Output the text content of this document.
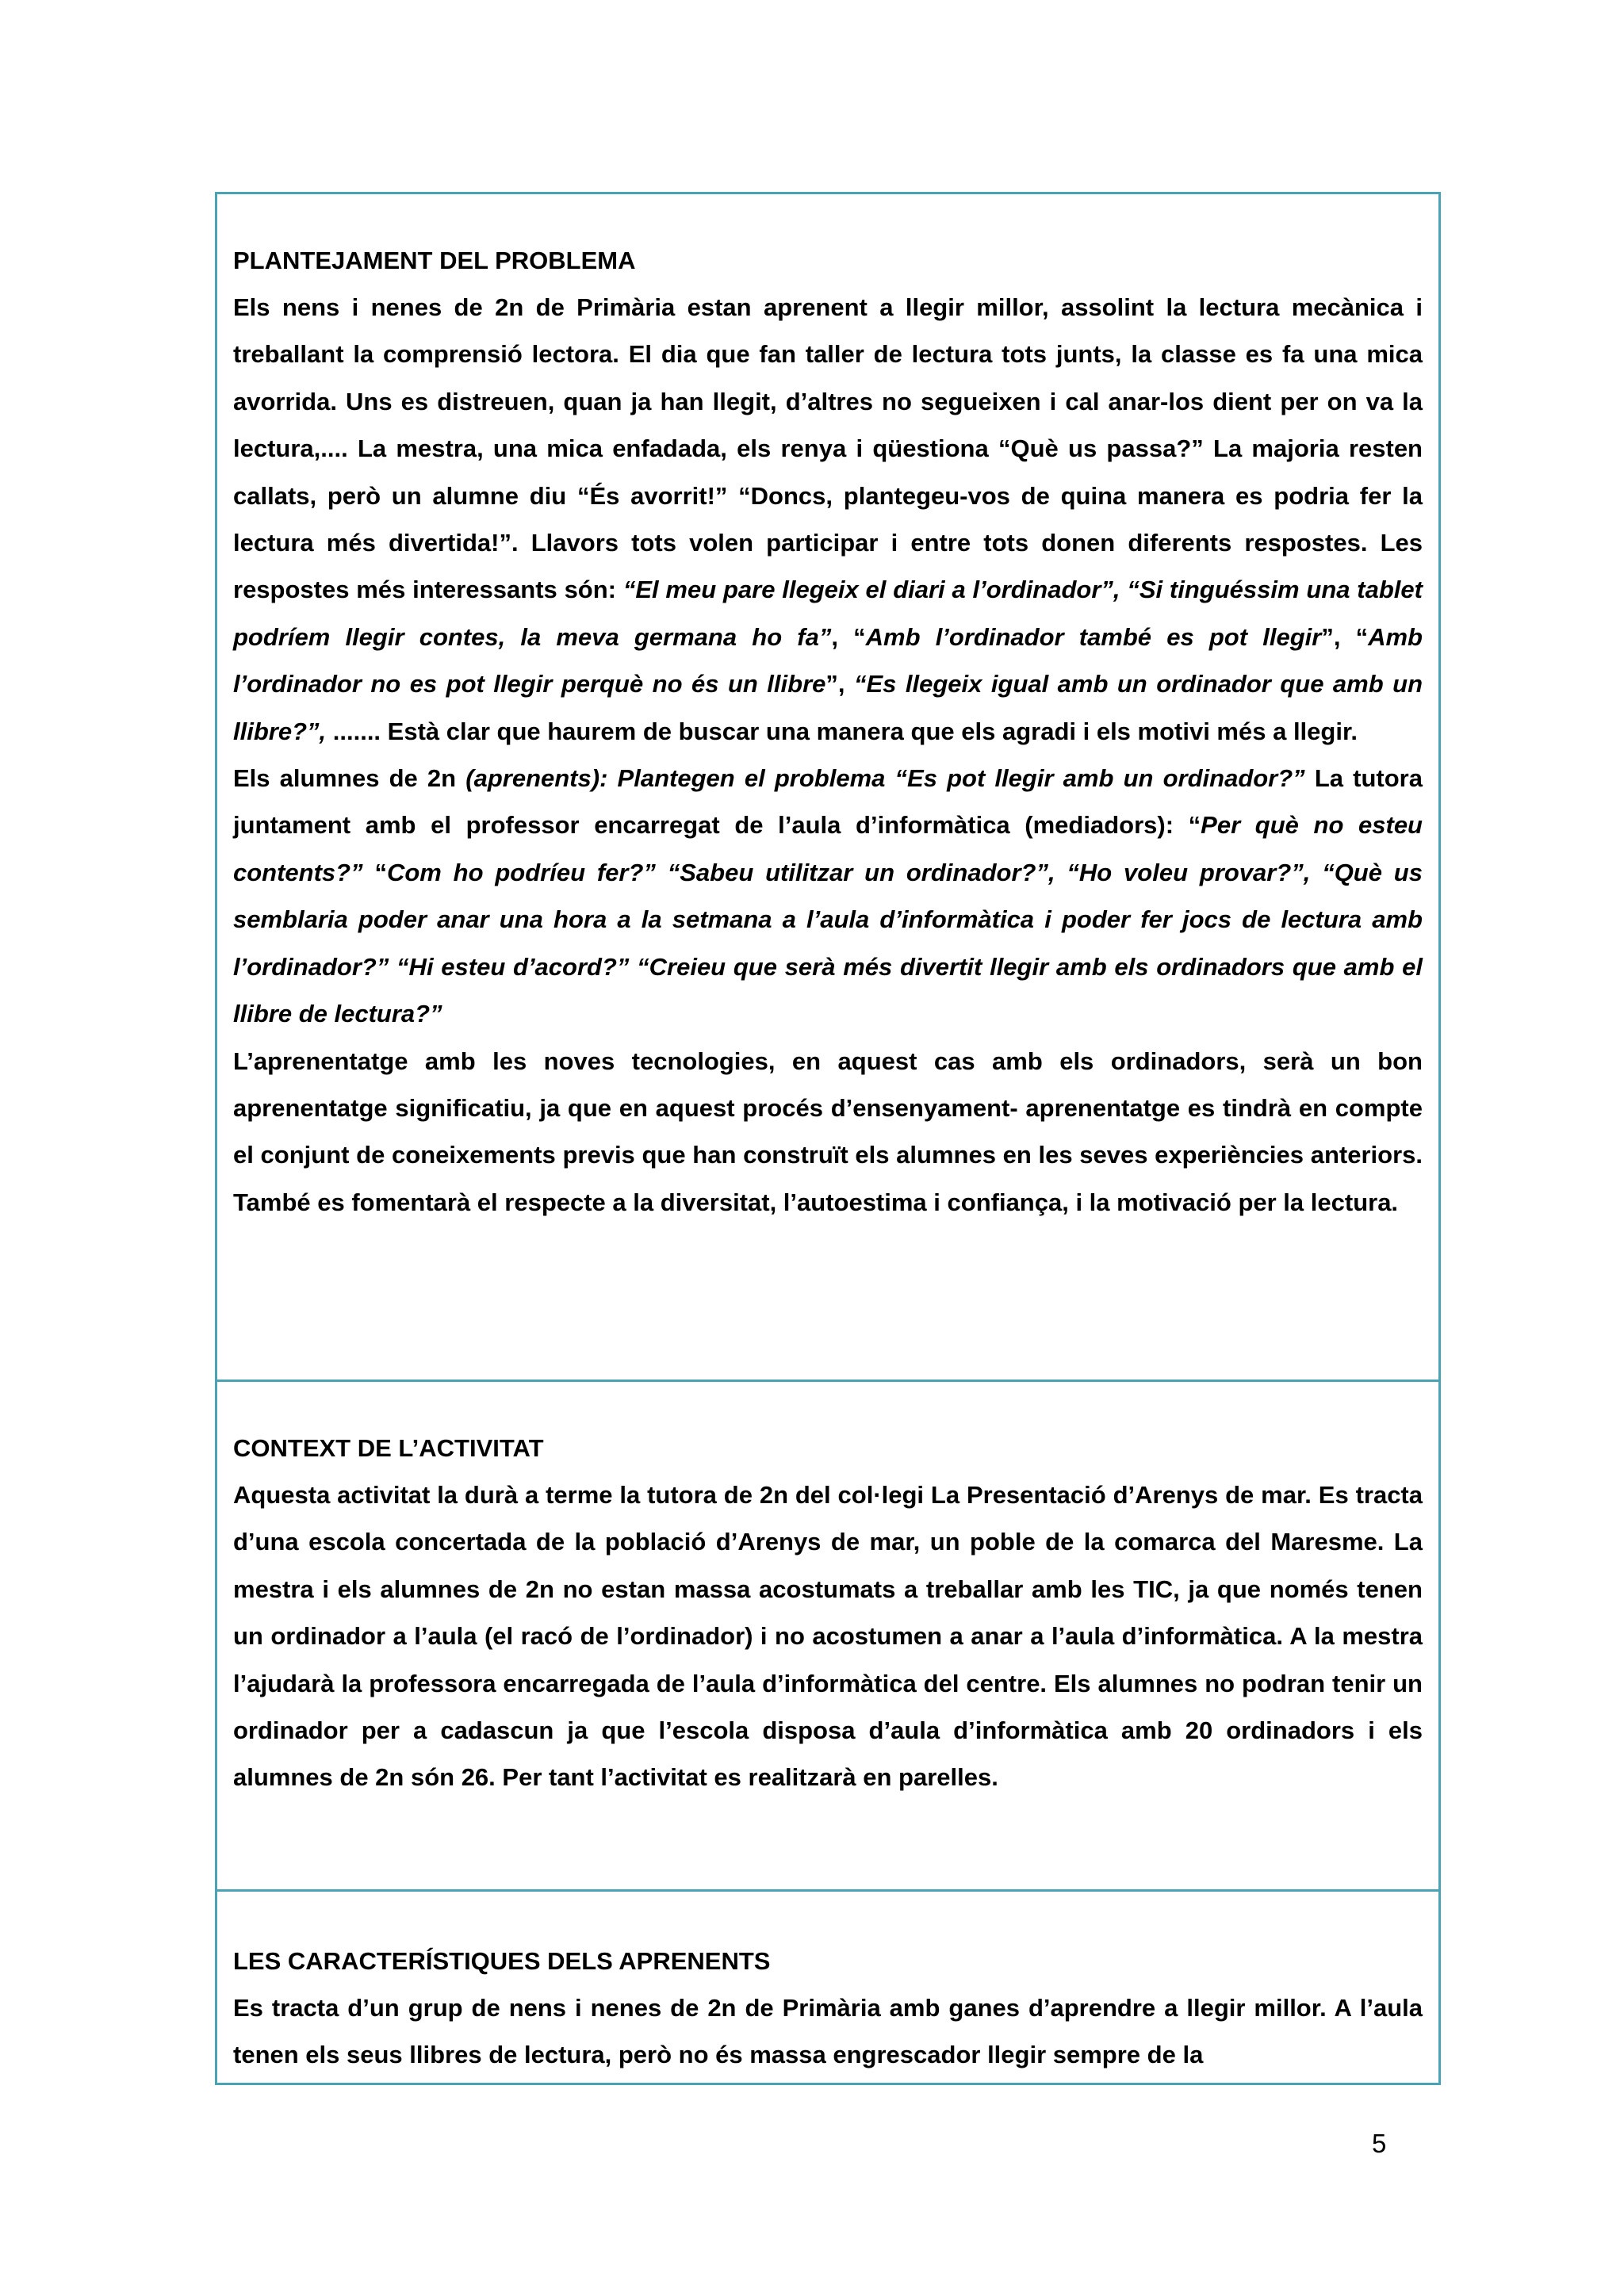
PLANTEJAMENT DEL PROBLEMA

Els nens i nenes de 2n de Primària estan aprenent a llegir millor, assolint la lectura mecànica i treballant la comprensió lectora. El dia que fan taller de lectura tots junts, la classe es fa una mica avorrida. Uns es distreuen, quan ja han llegit, d’altres no segueixen i cal anar-los dient per on va la lectura,.... La mestra, una mica enfadada, els renya i qüestiona “Què us passa?” La majoria resten callats, però un alumne diu “És avorrit!” “Doncs, plantegeu-vos de quina manera es podria fer la lectura més divertida!”. Llavors tots volen participar i entre tots donen diferents respostes. Les respostes més interessants són: “El meu pare llegeix el diari a l’ordinador”, “Si tinguéssim una tablet podríem llegir contes, la meva germana ho fa”, “Amb l’ordinador també es pot llegir”, “Amb l’ordinador no es pot llegir perquè no és un llibre”, “Es llegeix igual amb un ordinador que amb un llibre?”, ....... Està clar que haurem de buscar una manera que els agradi i els motivi més a llegir.

Els alumnes de 2n (aprenents): Plantegen el problema “Es pot llegir amb un ordinador?” La tutora juntament amb el professor encarregat de l’aula d’informàtica (mediadors): “Per què no esteu contents?” “Com ho podríeu fer?” “Sabeu utilitzar un ordinador?”, “Ho voleu provar?”, “Què us semblaria poder anar una hora a la setmana a l’aula d’informàtica i poder fer jocs de lectura amb l’ordinador?” “Hi esteu d’acord?” “Creieu que serà més divertit llegir amb els ordinadors que amb el llibre de lectura?”

L’aprenentatge amb les noves tecnologies, en aquest cas amb els ordinadors, serà un bon aprenentatge significatiu, ja que en aquest procés d’ensenyament- aprenentatge es tindrà en compte el conjunt de coneixements previs que han construït els alumnes en les seves experiències anteriors. També es fomentarà el respecte a la diversitat, l’autoestima i confiança, i la motivació per la lectura.

CONTEXT DE L’ACTIVITAT

Aquesta activitat la durà a terme la tutora de 2n del col·legi La Presentació d’Arenys de mar. Es tracta d’una escola concertada de la població d’Arenys de mar, un poble de la comarca del Maresme. La mestra i els alumnes de 2n no estan massa acostumats a treballar amb les TIC, ja que només tenen un ordinador a l’aula (el racó de l’ordinador) i no acostumen a anar a l’aula d’informàtica. A la mestra l’ajudarà la professora encarregada de l’aula d’informàtica del centre. Els alumnes no podran tenir un ordinador per a cadascun ja que l’escola disposa d’aula d’informàtica amb 20 ordinadors i els alumnes de 2n són 26. Per tant l’activitat es realitzarà en parelles.

LES CARACTERÍSTIQUES DELS APRENENTS

Es tracta d’un grup de nens i nenes de 2n de Primària amb ganes d’aprendre a llegir millor. A l’aula tenen els seus llibres de lectura, però no és massa engrescador llegir sempre de la

5
